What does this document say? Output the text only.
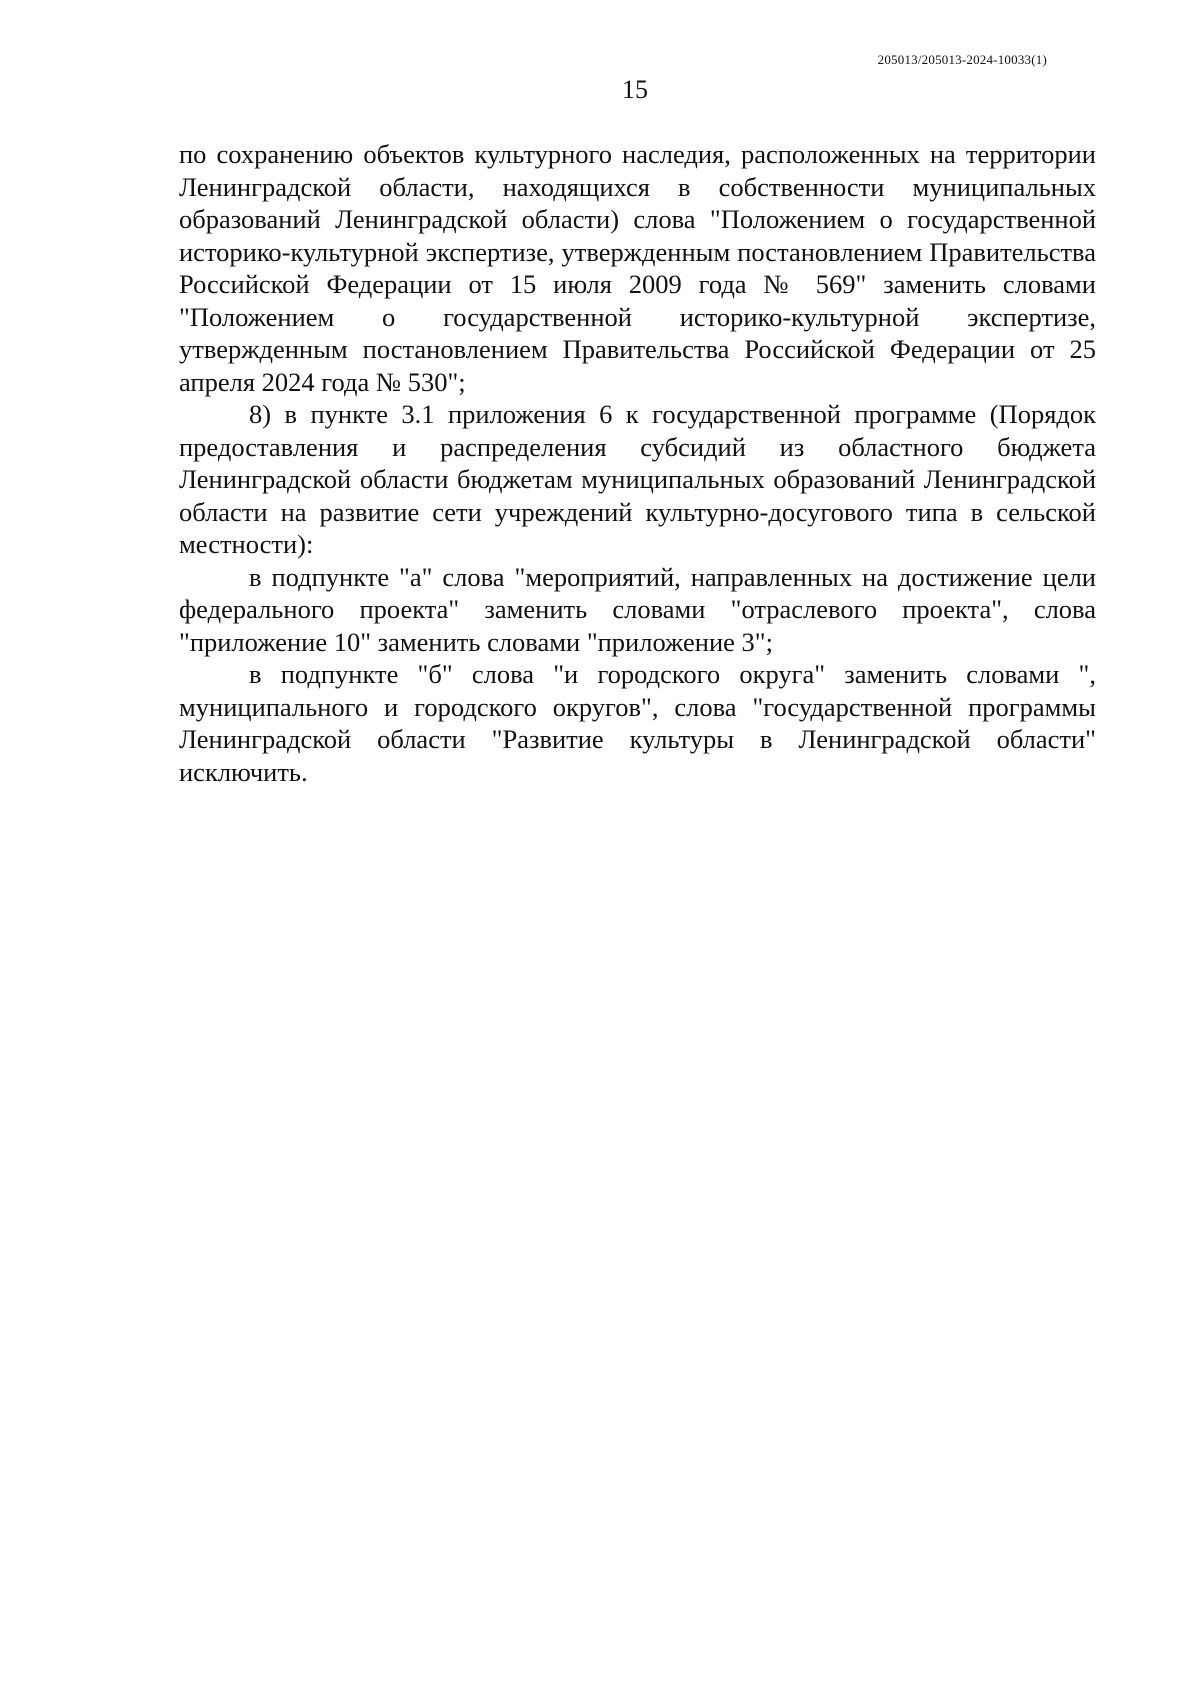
205013/205013-2024-10033(1)
15

по сохранению объектов культурного наследия, расположенных на территории Ленинградской области, находящихся в собственности муниципальных образований Ленинградской области) слова "Положением о государственной историко-культурной экспертизе, утвержденным постановлением Правительства Российской Федерации от 15 июля 2009 года № 569" заменить словами "Положением о государственной историко-культурной экспертизе, утвержденным постановлением Правительства Российской Федерации от 25 апреля 2024 года № 530";

8) в пункте 3.1 приложения 6 к государственной программе (Порядок предоставления и распределения субсидий из областного бюджета Ленинградской области бюджетам муниципальных образований Ленинградской области на развитие сети учреждений культурно-досугового типа в сельской местности):

в подпункте "а" слова "мероприятий, направленных на достижение цели федерального проекта" заменить словами "отраслевого проекта", слова "приложение 10" заменить словами "приложение 3";

в подпункте "б" слова "и городского округа" заменить словами ", муниципального и городского округов", слова "государственной программы Ленинградской области "Развитие культуры в Ленинградской области" исключить.
